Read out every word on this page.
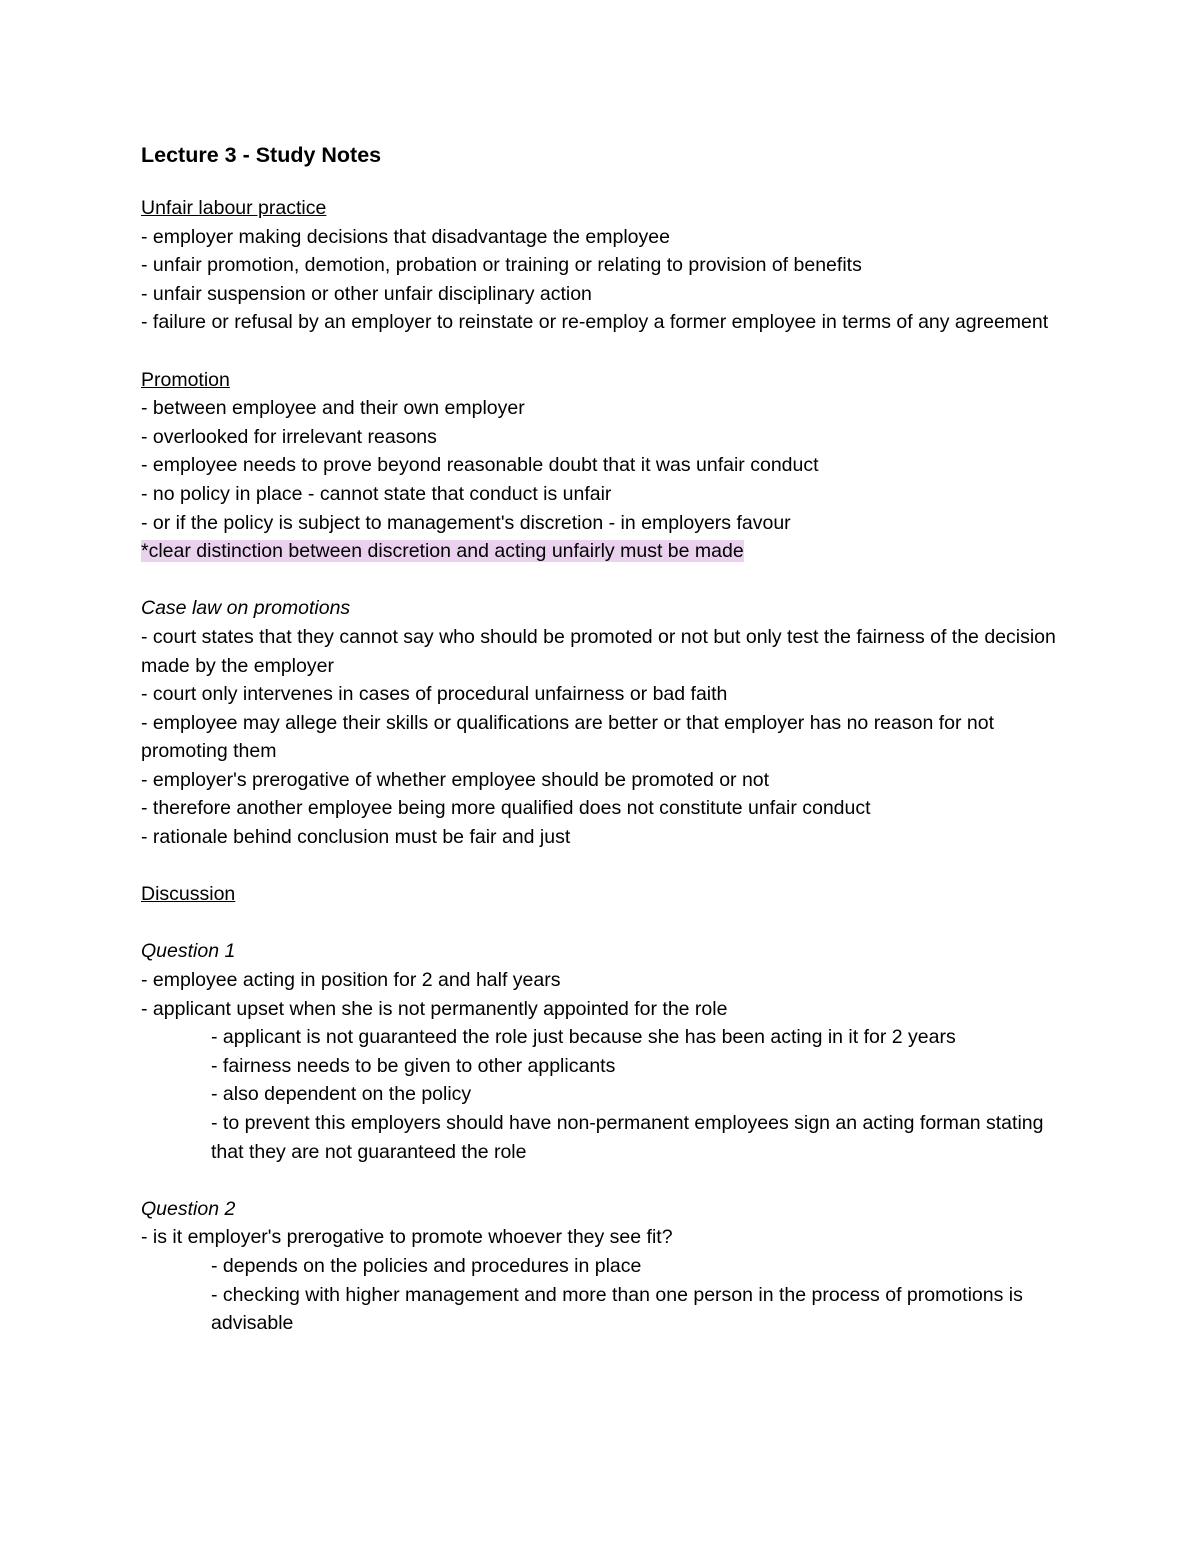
Lecture 3 - Study Notes
Unfair labour practice
- employer making decisions that disadvantage the employee
- unfair promotion, demotion, probation or training or relating to provision of benefits
- unfair suspension or other unfair disciplinary action
- failure or refusal by an employer to reinstate or re-employ a former employee in terms of any agreement
Promotion
- between employee and their own employer
- overlooked for irrelevant reasons
- employee needs to prove beyond reasonable doubt that it was unfair conduct
- no policy in place - cannot state that conduct is unfair
- or if the policy is subject to management's discretion - in employers favour
*clear distinction between discretion and acting unfairly must be made
Case law on promotions
- court states that they cannot say who should be promoted or not but only test the fairness of the decision made by the employer
- court only intervenes in cases of procedural unfairness or bad faith
- employee may allege their skills or qualifications are better or that employer has no reason for not promoting them
- employer's prerogative of whether employee should be promoted or not
- therefore another employee being more qualified does not constitute unfair conduct
- rationale behind conclusion must be fair and just
Discussion
Question 1
- employee acting in position for 2 and half years
- applicant upset when she is not permanently appointed for the role
- applicant is not guaranteed the role just because she has been acting in it for 2 years
- fairness needs to be given to other applicants
- also dependent on the policy
- to prevent this employers should have non-permanent employees sign an acting forman stating that they are not guaranteed the role
Question 2
- is it employer's prerogative to promote whoever they see fit?
- depends on the policies and procedures in place
- checking with higher management and more than one person in the process of promotions is advisable
